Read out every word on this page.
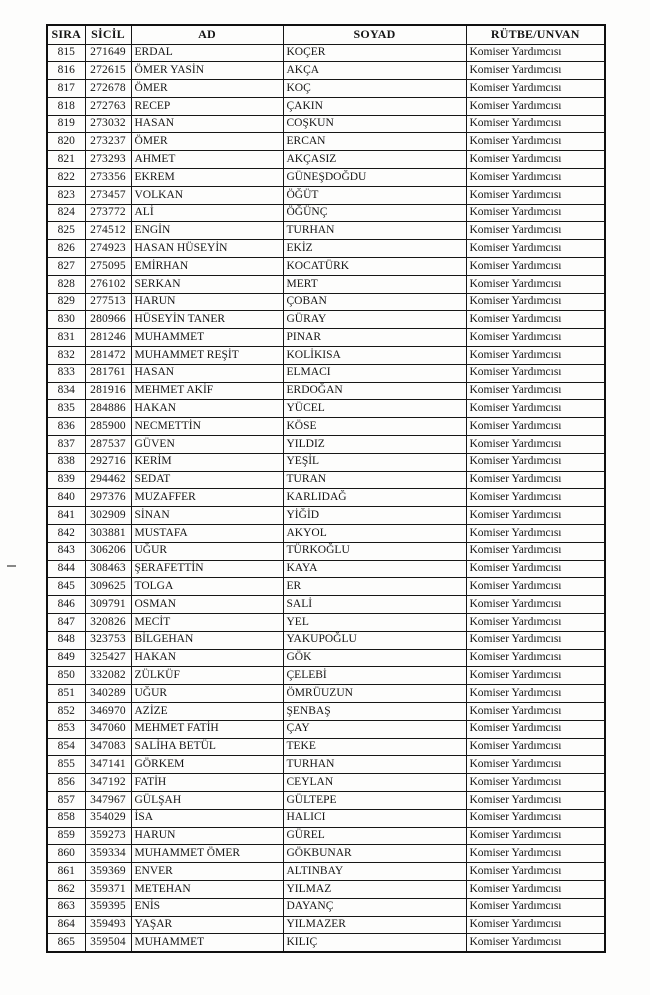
SIRA	SİCİL	AD	SOYAD	RÜTBE/UNVAN
815	271649	ERDAL	KOÇER	Komiser Yardımcısı
816	272615	ÖMER YASİN	AKÇA	Komiser Yardımcısı
817	272678	ÖMER	KOÇ	Komiser Yardımcısı
818	272763	RECEP	ÇAKIN	Komiser Yardımcısı
819	273032	HASAN	COŞKUN	Komiser Yardımcısı
820	273237	ÖMER	ERCAN	Komiser Yardımcısı
821	273293	AHMET	AKÇASIZ	Komiser Yardımcısı
822	273356	EKREM	GÜNEŞDOĞDU	Komiser Yardımcısı
823	273457	VOLKAN	ÖĞÜT	Komiser Yardımcısı
824	273772	ALİ	ÖĞÜNÇ	Komiser Yardımcısı
825	274512	ENGİN	TURHAN	Komiser Yardımcısı
826	274923	HASAN HÜSEYİN	EKİZ	Komiser Yardımcısı
827	275095	EMİRHAN	KOCATÜRK	Komiser Yardımcısı
828	276102	SERKAN	MERT	Komiser Yardımcısı
829	277513	HARUN	ÇOBAN	Komiser Yardımcısı
830	280966	HÜSEYİN TANER	GÜRAY	Komiser Yardımcısı
831	281246	MUHAMMET	PINAR	Komiser Yardımcısı
832	281472	MUHAMMET REŞİT	KOLİKISA	Komiser Yardımcısı
833	281761	HASAN	ELMACI	Komiser Yardımcısı
834	281916	MEHMET AKİF	ERDOĞAN	Komiser Yardımcısı
835	284886	HAKAN	YÜCEL	Komiser Yardımcısı
836	285900	NECMETTİN	KÖSE	Komiser Yardımcısı
837	287537	GÜVEN	YILDIZ	Komiser Yardımcısı
838	292716	KERİM	YEŞİL	Komiser Yardımcısı
839	294462	SEDAT	TURAN	Komiser Yardımcısı
840	297376	MUZAFFER	KARLIDAĞ	Komiser Yardımcısı
841	302909	SİNAN	YİĞİD	Komiser Yardımcısı
842	303881	MUSTAFA	AKYOL	Komiser Yardımcısı
843	306206	UĞUR	TÜRKOĞLU	Komiser Yardımcısı
844	308463	ŞERAFETTİN	KAYA	Komiser Yardımcısı
845	309625	TOLGA	ER	Komiser Yardımcısı
846	309791	OSMAN	SALİ	Komiser Yardımcısı
847	320826	MECİT	YEL	Komiser Yardımcısı
848	323753	BİLGEHAN	YAKUPOĞLU	Komiser Yardımcısı
849	325427	HAKAN	GÖK	Komiser Yardımcısı
850	332082	ZÜLKÜF	ÇELEBİ	Komiser Yardımcısı
851	340289	UĞUR	ÖMRÜUZUN	Komiser Yardımcısı
852	346970	AZİZE	ŞENBAŞ	Komiser Yardımcısı
853	347060	MEHMET FATİH	ÇAY	Komiser Yardımcısı
854	347083	SALİHA BETÜL	TEKE	Komiser Yardımcısı
855	347141	GÖRKEM	TURHAN	Komiser Yardımcısı
856	347192	FATİH	CEYLAN	Komiser Yardımcısı
857	347967	GÜLŞAH	GÜLTEPE	Komiser Yardımcısı
858	354029	İSA	HALICI	Komiser Yardımcısı
859	359273	HARUN	GÜREL	Komiser Yardımcısı
860	359334	MUHAMMET ÖMER	GÖKBUNAR	Komiser Yardımcısı
861	359369	ENVER	ALTINBAY	Komiser Yardımcısı
862	359371	METEHAN	YILMAZ	Komiser Yardımcısı
863	359395	ENİS	DAYANÇ	Komiser Yardımcısı
864	359493	YAŞAR	YILMAZER	Komiser Yardımcısı
865	359504	MUHAMMET	KILIÇ	Komiser Yardımcısı
